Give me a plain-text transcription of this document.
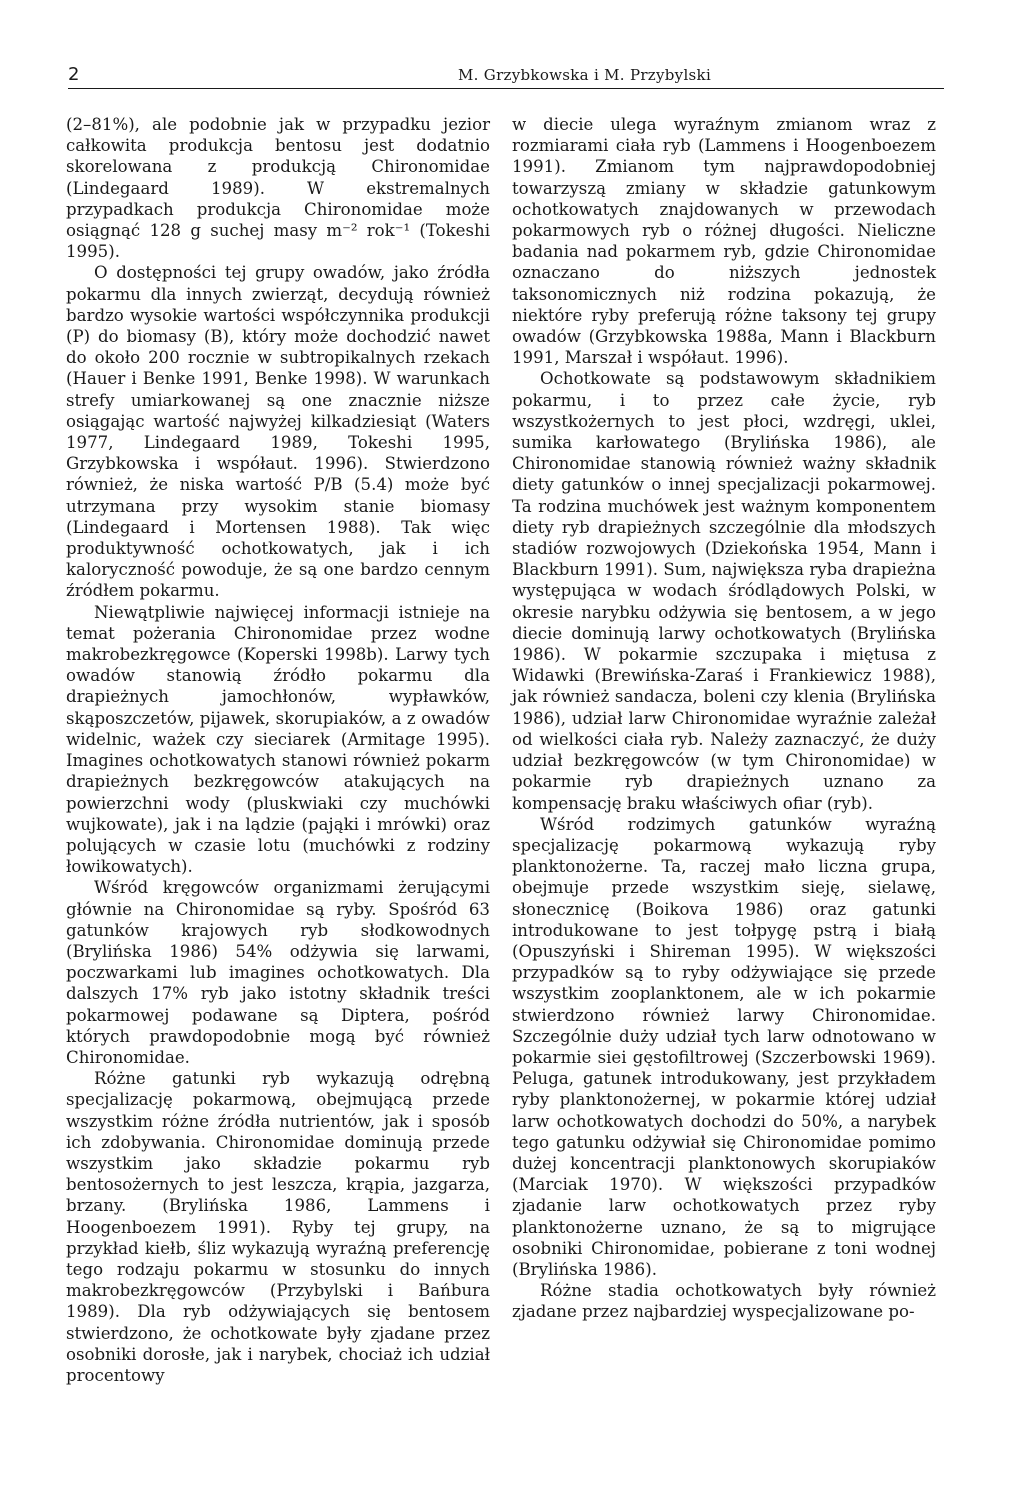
2	M. Grzybkowska i M. Przybylski

(2–81%), ale podobnie jak w przypadku jezior całkowita produkcja bentosu jest dodatnio skorelowana z produkcją Chironomidae (Lindegaard 1989). W ekstremalnych przypadkach produkcja Chironomidae może osiągnąć 128 g suchej masy m⁻² rok⁻¹ (Tokeshi 1995).

O dostępności tej grupy owadów, jako źródła pokarmu dla innych zwierząt, decydują również bardzo wysokie wartości współczynnika produkcji (P) do biomasy (B), który może dochodzić nawet do około 200 rocznie w subtropikalnych rzekach (Hauer i Benke 1991, Benke 1998). W warunkach strefy umiarkowanej są one znacznie niższe osiągając wartość najwyżej kilkadziesiąt (Waters 1977, Lindegaard 1989, Tokeshi 1995, Grzybkowska i współaut. 1996). Stwierdzono również, że niska wartość P/B (5.4) może być utrzymana przy wysokim stanie biomasy (Lindegaard i Mortensen 1988). Tak więc produktywność ochotkowatych, jak i ich kaloryczność powoduje, że są one bardzo cennym źródłem pokarmu.

Niewątpliwie najwięcej informacji istnieje na temat pożerania Chironomidae przez wodne makrobezkręgowce (Koperski 1998b). Larwy tych owadów stanowią źródło pokarmu dla drapieżnych jamochłonów, wypławków, skąposzczetów, pijawek, skorupiaków, a z owadów widelnic, ważek czy sieciarek (Armitage 1995). Imagines ochotkowatych stanowi również pokarm drapieżnych bezkręgowców atakujących na powierzchni wody (pluskwiaki czy muchówki wujkowate), jak i na lądzie (pająki i mrówki) oraz polujących w czasie lotu (muchówki z rodziny łowikowatych).

Wśród kręgowców organizmami żerującymi głównie na Chironomidae są ryby. Spośród 63 gatunków krajowych ryb słodkowodnych (Brylińska 1986) 54% odżywia się larwami, poczwarkami lub imagines ochotkowatych. Dla dalszych 17% ryb jako istotny składnik treści pokarmowej podawane są Diptera, pośród których prawdopodobnie mogą być również Chironomidae.

Różne gatunki ryb wykazują odrębną specjalizację pokarmową, obejmującą przede wszystkim różne źródła nutrientów, jak i sposób ich zdobywania. Chironomidae dominują przede wszystkim jako składzie pokarmu ryb bentosożernych to jest leszcza, krąpia, jazgarza, brzany. (Brylińska 1986, Lammens i Hoogenboezem 1991). Ryby tej grupy, na przykład kiełb, śliz wykazują wyraźną preferencję tego rodzaju pokarmu w stosunku do innych makrobezkręgowców (Przybylski i Bańbura 1989). Dla ryb odżywiających się bentosem stwierdzono, że ochotkowate były zjadane przez osobniki dorosłe, jak i narybek, chociaż ich udział procentowy

w diecie ulega wyraźnym zmianom wraz z rozmiarami ciała ryb (Lammens i Hoogenboezem 1991). Zmianom tym najprawdopodobniej towarzyszą zmiany w składzie gatunkowym ochotkowatych znajdowanych w przewodach pokarmowych ryb o różnej długości. Nieliczne badania nad pokarmem ryb, gdzie Chironomidae oznaczano do niższych jednostek taksonomicznych niż rodzina pokazują, że niektóre ryby preferują różne taksony tej grupy owadów (Grzybkowska 1988a, Mann i Blackburn 1991, Marszał i współaut. 1996).

Ochotkowate są podstawowym składnikiem pokarmu, i to przez całe życie, ryb wszystkożernych to jest płoci, wzdręgi, uklei, sumika karłowatego (Brylińska 1986), ale Chironomidae stanowią również ważny składnik diety gatunków o innej specjalizacji pokarmowej. Ta rodzina muchówek jest ważnym komponentem diety ryb drapieżnych szczególnie dla młodszych stadiów rozwojowych (Dziekońska 1954, Mann i Blackburn 1991). Sum, największa ryba drapieżna występująca w wodach śródlądowych Polski, w okresie narybku odżywia się bentosem, a w jego diecie dominują larwy ochotkowatych (Brylińska 1986). W pokarmie szczupaka i miętusa z Widawki (Brewińska-Zaraś i Frankiewicz 1988), jak również sandacza, boleni czy klenia (Brylińska 1986), udział larw Chironomidae wyraźnie zależał od wielkości ciała ryb. Należy zaznaczyć, że duży udział bezkręgowców (w tym Chironomidae) w pokarmie ryb drapieżnych uznano za kompensację braku właściwych ofiar (ryb).

Wśród rodzimych gatunków wyraźną specjalizację pokarmową wykazują ryby planktonożerne. Ta, raczej mało liczna grupa, obejmuje przede wszystkim sieję, sielawę, słonecznicę (Boikova 1986) oraz gatunki introdukowane to jest tołpygę pstrą i białą (Opuszyński i Shireman 1995). W większości przypadków są to ryby odżywiające się przede wszystkim zooplanktonem, ale w ich pokarmie stwierdzono również larwy Chironomidae. Szczególnie duży udział tych larw odnotowano w pokarmie siei gęstofiltrowej (Szczerbowski 1969). Peluga, gatunek introdukowany, jest przykładem ryby planktonożernej, w pokarmie której udział larw ochotkowatych dochodzi do 50%, a narybek tego gatunku odżywiał się Chironomidae pomimo dużej koncentracji planktonowych skorupiaków (Marciak 1970). W większości przypadków zjadanie larw ochotkowatych przez ryby planktonożerne uznano, że są to migrujące osobniki Chironomidae, pobierane z toni wodnej (Brylińska 1986).

Różne stadia ochotkowatych były również zjadane przez najbardziej wyspecjalizowane po-
